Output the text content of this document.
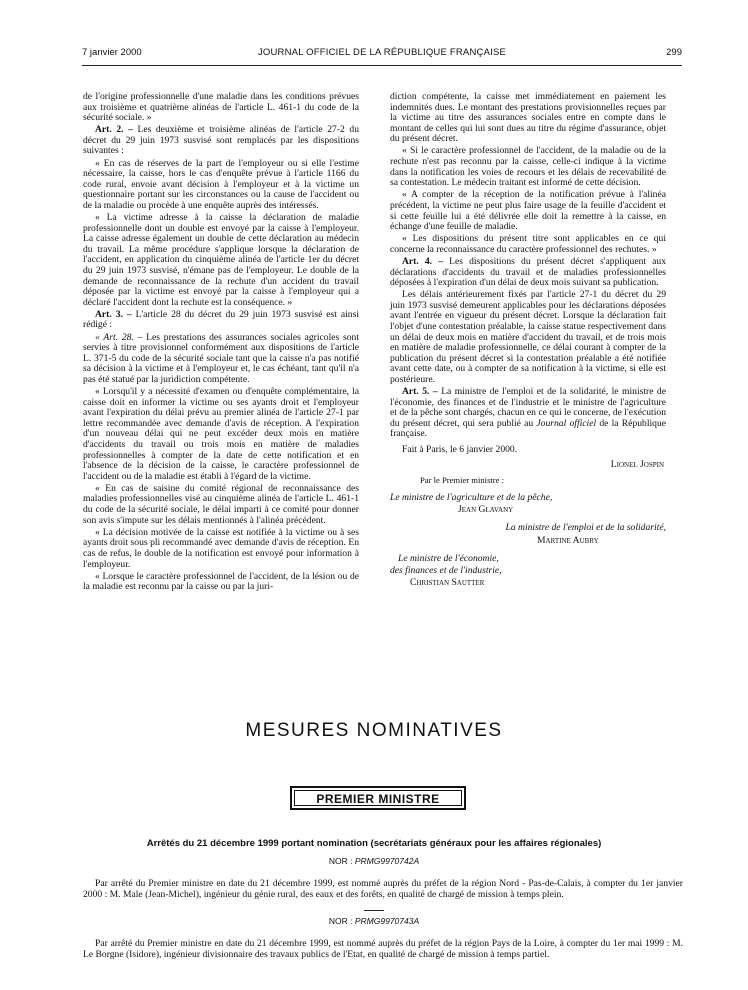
7 janvier 2000	JOURNAL OFFICIEL DE LA RÉPUBLIQUE FRANÇAISE	299

de l'origine professionnelle d'une maladie dans les conditions prévues aux troisième et quatrième alinéas de l'article L. 461-1 du code de la sécurité sociale. »

Art. 2. – Les deuxième et troisième alinéas de l'article 27-2 du décret du 29 juin 1973 susvisé sont remplacés par les dispositions suivantes :

« En cas de réserves de la part de l'employeur ou si elle l'estime nécessaire, la caisse, hors le cas d'enquête prévue à l'article 1166 du code rural, envoie avant décision à l'employeur et à la victime un questionnaire portant sur les circonstances ou la cause de l'accident ou de la maladie ou procède à une enquête auprès des intéressés.

« La victime adresse à la caisse la déclaration de maladie professionnelle dont un double est envoyé par la caisse à l'employeur. La caisse adresse également un double de cette déclaration au médecin du travail. La même procédure s'applique lorsque la déclaration de l'accident, en application du cinquième alinéa de l'article 1er du décret du 29 juin 1973 susvisé, n'émane pas de l'employeur. Le double de la demande de reconnaissance de la rechute d'un accident du travail déposée par la victime est envoyé par la caisse à l'employeur qui a déclaré l'accident dont la rechute est la conséquence. »

Art. 3. – L'article 28 du décret du 29 juin 1973 susvisé est ainsi rédigé :

« Art. 28. – Les prestations des assurances sociales agricoles sont servies à titre provisionnel conformément aux dispositions de l'article L. 371-5 du code de la sécurité sociale tant que la caisse n'a pas notifié sa décision à la victime et à l'employeur et, le cas échéant, tant qu'il n'a pas été statué par la juridiction compétente.

« Lorsqu'il y a nécessité d'examen ou d'enquête complémentaire, la caisse doit en informer la victime ou ses ayants droit et l'employeur avant l'expiration du délai prévu au premier alinéa de l'article 27-1 par lettre recommandée avec demande d'avis de réception. A l'expiration d'un nouveau délai qui ne peut excéder deux mois en matière d'accidents du travail ou trois mois en matière de maladies professionnelles à compter de la date de cette notification et en l'absence de la décision de la caisse, le caractère professionnel de l'accident ou de la maladie est établi à l'égard de la victime.

« En cas de saisine du comité régional de reconnaissance des maladies professionnelles visé au cinquième alinéa de l'article L. 461-1 du code de la sécurité sociale, le délai imparti à ce comité pour donner son avis s'impute sur les délais mentionnés à l'alinéa précédent.

« La décision motivée de la caisse est notifiée à la victime ou à ses ayants droit sous pli recommandé avec demande d'avis de réception. En cas de refus, le double de la notification est envoyé pour information à l'employeur.

« Lorsque le caractère professionnel de l'accident, de la lésion ou de la maladie est reconnu par la caisse ou par la juri-

diction compétente, la caisse met immédiatement en paiement les indemnités dues. Le montant des prestations provisionnelles reçues par la victime au titre des assurances sociales entre en compte dans le montant de celles qui lui sont dues au titre du régime d'assurance, objet du présent décret.

« Si le caractère professionnel de l'accident, de la maladie ou de la rechute n'est pas reconnu par la caisse, celle-ci indique à la victime dans la notification les voies de recours et les délais de recevabilité de sa contestation. Le médecin traitant est informé de cette décision.

« A compter de la réception de la notification prévue à l'alinéa précédent, la victime ne peut plus faire usage de la feuille d'accident et si cette feuille lui a été délivrée elle doit la remettre à la caisse, en échange d'une feuille de maladie.

« Les dispositions du présent titre sont applicables en ce qui concerne la reconnaissance du caractère professionnel des rechutes. »

Art. 4. – Les dispositions du présent décret s'appliquent aux déclarations d'accidents du travail et de maladies professionnelles déposées à l'expiration d'un délai de deux mois suivant sa publication.

Les délais antérieurement fixés par l'article 27-1 du décret du 29 juin 1973 susvisé demeurent applicables pour les déclarations déposées avant l'entrée en vigueur du présent décret. Lorsque la déclaration fait l'objet d'une contestation préalable, la caisse statue respectivement dans un délai de deux mois en matière d'accident du travail, et de trois mois en matière de maladie professionnelle, ce délai courant à compter de la publication du présent décret si la contestation préalable a été notifiée avant cette date, ou à compter de sa notification à la victime, si elle est postérieure.

Art. 5. – La ministre de l'emploi et de la solidarité, le ministre de l'économie, des finances et de l'industrie et le ministre de l'agriculture et de la pêche sont chargés, chacun en ce qui le concerne, de l'exécution du présent décret, qui sera publié au Journal officiel de la République française.

Fait à Paris, le 6 janvier 2000.

Lionel Jospin

Par le Premier ministre :

Le ministre de l'agriculture et de la pêche,

Jean Glavany

La ministre de l'emploi et de la solidarité,

Martine Aubry

Le ministre de l'économie,

des finances et de l'industrie,

Christian Sautter

MESURES NOMINATIVES
PREMIER MINISTRE
Arrêtés du 21 décembre 1999 portant nomination (secrétariats généraux pour les affaires régionales)
NOR : PRMG9970742A

Par arrêté du Premier ministre en date du 21 décembre 1999, est nommé auprès du préfet de la région Nord - Pas-de-Calais, à compter du 1er janvier 2000 : M. Male (Jean-Michel), ingénieur du génie rural, des eaux et des forêts, en qualité de chargé de mission à temps plein.

NOR : PRMG9970743A

Par arrêté du Premier ministre en date du 21 décembre 1999, est nommé auprès du préfet de la région Pays de la Loire, à compter du 1er mai 1999 : M. Le Borgne (Isidore), ingénieur divisionnaire des travaux publics de l'Etat, en qualité de chargé de mission à temps partiel.
